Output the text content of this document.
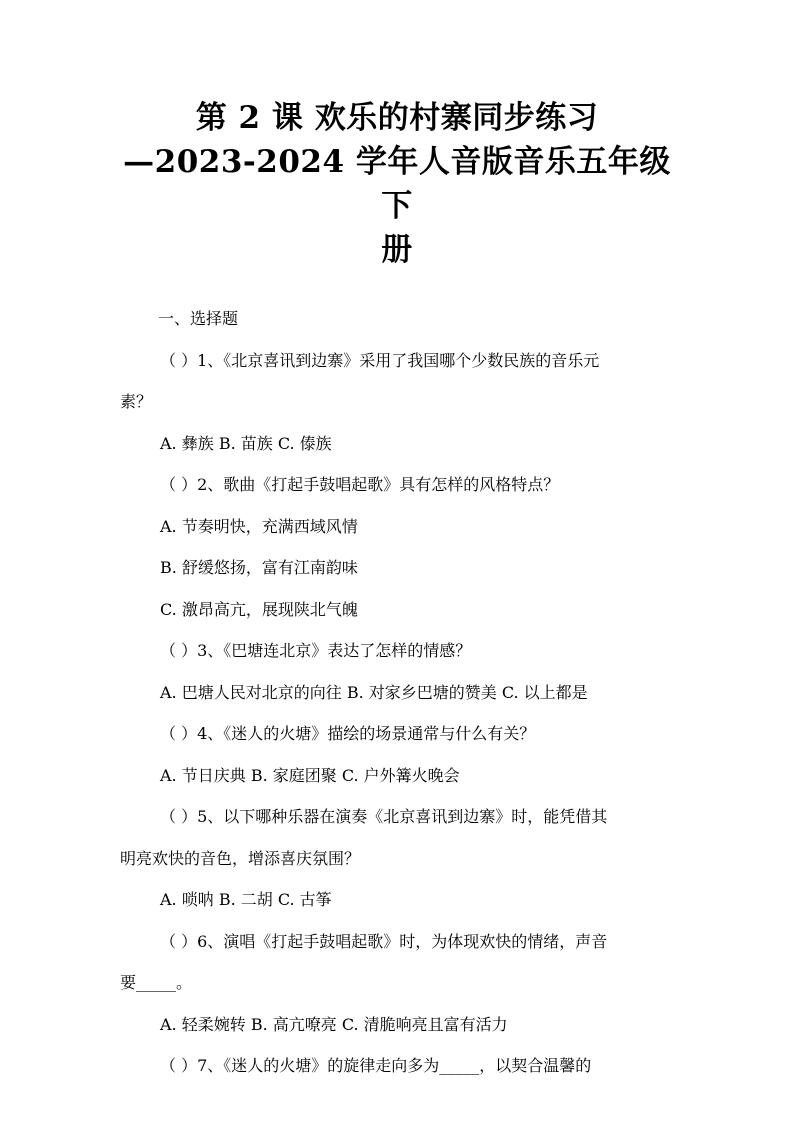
第 2 课 欢乐的村寨同步练习
—2023-2024 学年人音版音乐五年级下
册

一、选择题

（ ）1、《北京喜讯到边寨》采用了我国哪个少数民族的音乐元

素？

A. 彝族 B. 苗族 C. 傣族

（ ）2、歌曲《打起手鼓唱起歌》具有怎样的风格特点？

A. 节奏明快，充满西域风情

B. 舒缓悠扬，富有江南韵味

C. 激昂高亢，展现陕北气魄

（ ）3、《巴塘连北京》表达了怎样的情感？

A. 巴塘人民对北京的向往 B. 对家乡巴塘的赞美 C. 以上都是

（ ）4、《迷人的火塘》描绘的场景通常与什么有关？

A. 节日庆典 B. 家庭团聚 C. 户外篝火晚会

（ ）5、以下哪种乐器在演奏《北京喜讯到边寨》时，能凭借其

明亮欢快的音色，增添喜庆氛围？

A. 唢呐 B. 二胡 C. 古筝

（ ）6、演唱《打起手鼓唱起歌》时，为体现欢快的情绪，声音

要_____。

A. 轻柔婉转 B. 高亢嘹亮 C. 清脆响亮且富有活力

（ ）7、《迷人的火塘》的旋律走向多为_____，以契合温馨的
